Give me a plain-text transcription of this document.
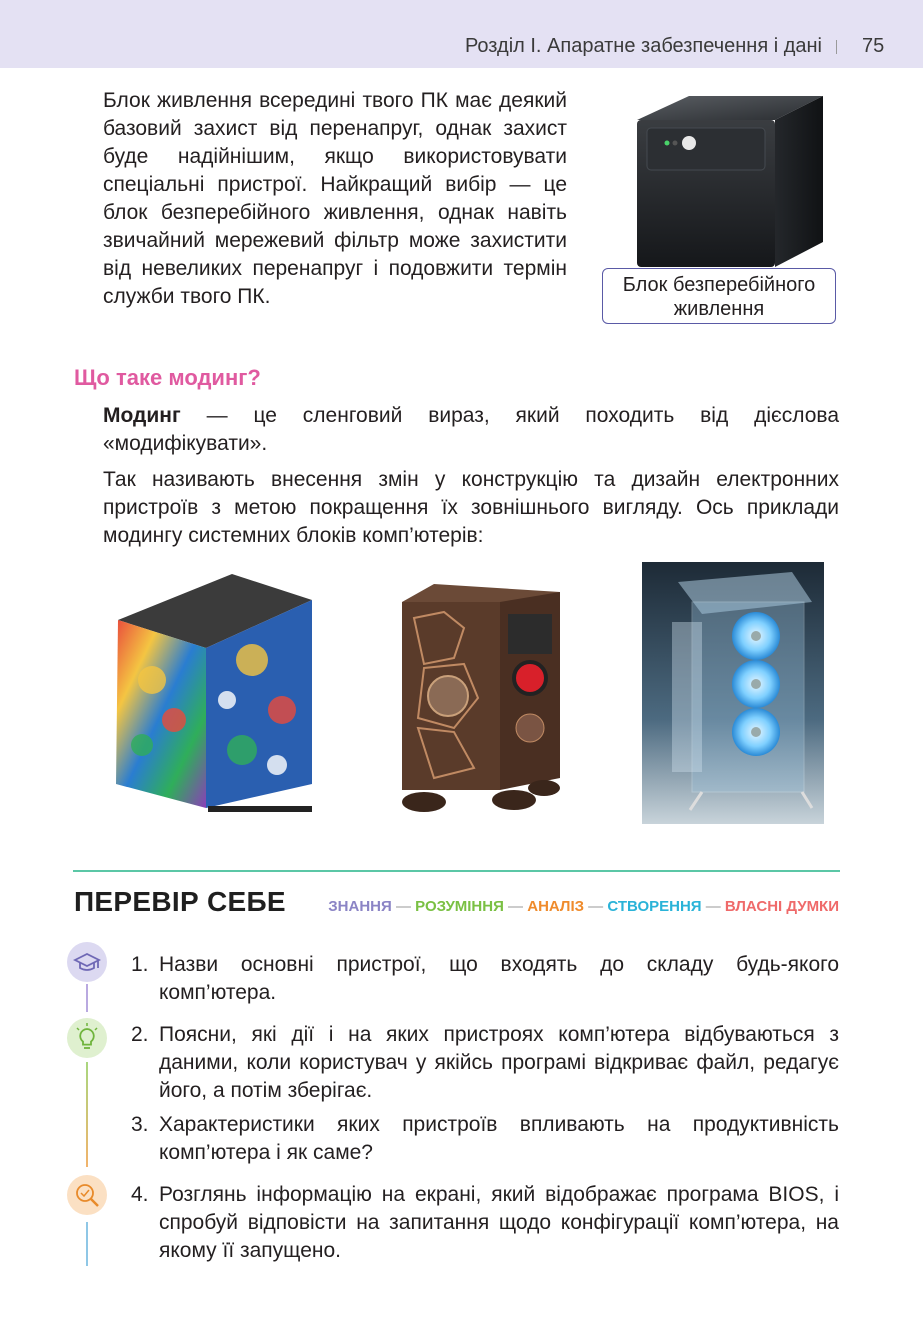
Розділ І. Апаратне забезпечення і дані 75

Блок живлення всередині твого ПК має деякий базовий захист від перенапруг, однак захист буде надійнішим, якщо використовувати спеціальні пристрої. Найкращий вибір — це блок безперебійного живлення, однак навіть звичайний мережевий фільтр може захистити від невеликих перенапруг і подовжити термін служби твого ПК.	Блок безперебійного живлення
Що таке модинг?

Модинг — це сленговий вираз, який походить від дієслова «модифікувати».

Так називають внесення змін у конструкцію та дизайн електронних пристроїв з метою покращення їх зовнішнього вигляду. Ось приклади модингу системних блоків комп’ютерів:

ПЕРЕВІР СЕБЕ	ЗНАННЯ — РОЗУМІННЯ — АНАЛІЗ — СТВОРЕННЯ — ВЛАСНІ ДУМКИ
1. Назви основні пристрої, що входять до складу будь-якого комп’ютера.
2. Поясни, які дії і на яких пристроях комп’ютера відбуваються з даними, коли користувач у якійсь програмі відкриває файл, редагує його, а потім зберігає.
3. Характеристики яких пристроїв впливають на продуктивність комп’ютера і як саме?
4. Розглянь інформацію на екрані, який відображає програма BIOS, і спробуй відповісти на запитання щодо конфігурації комп’ютера, на якому її запущено.
